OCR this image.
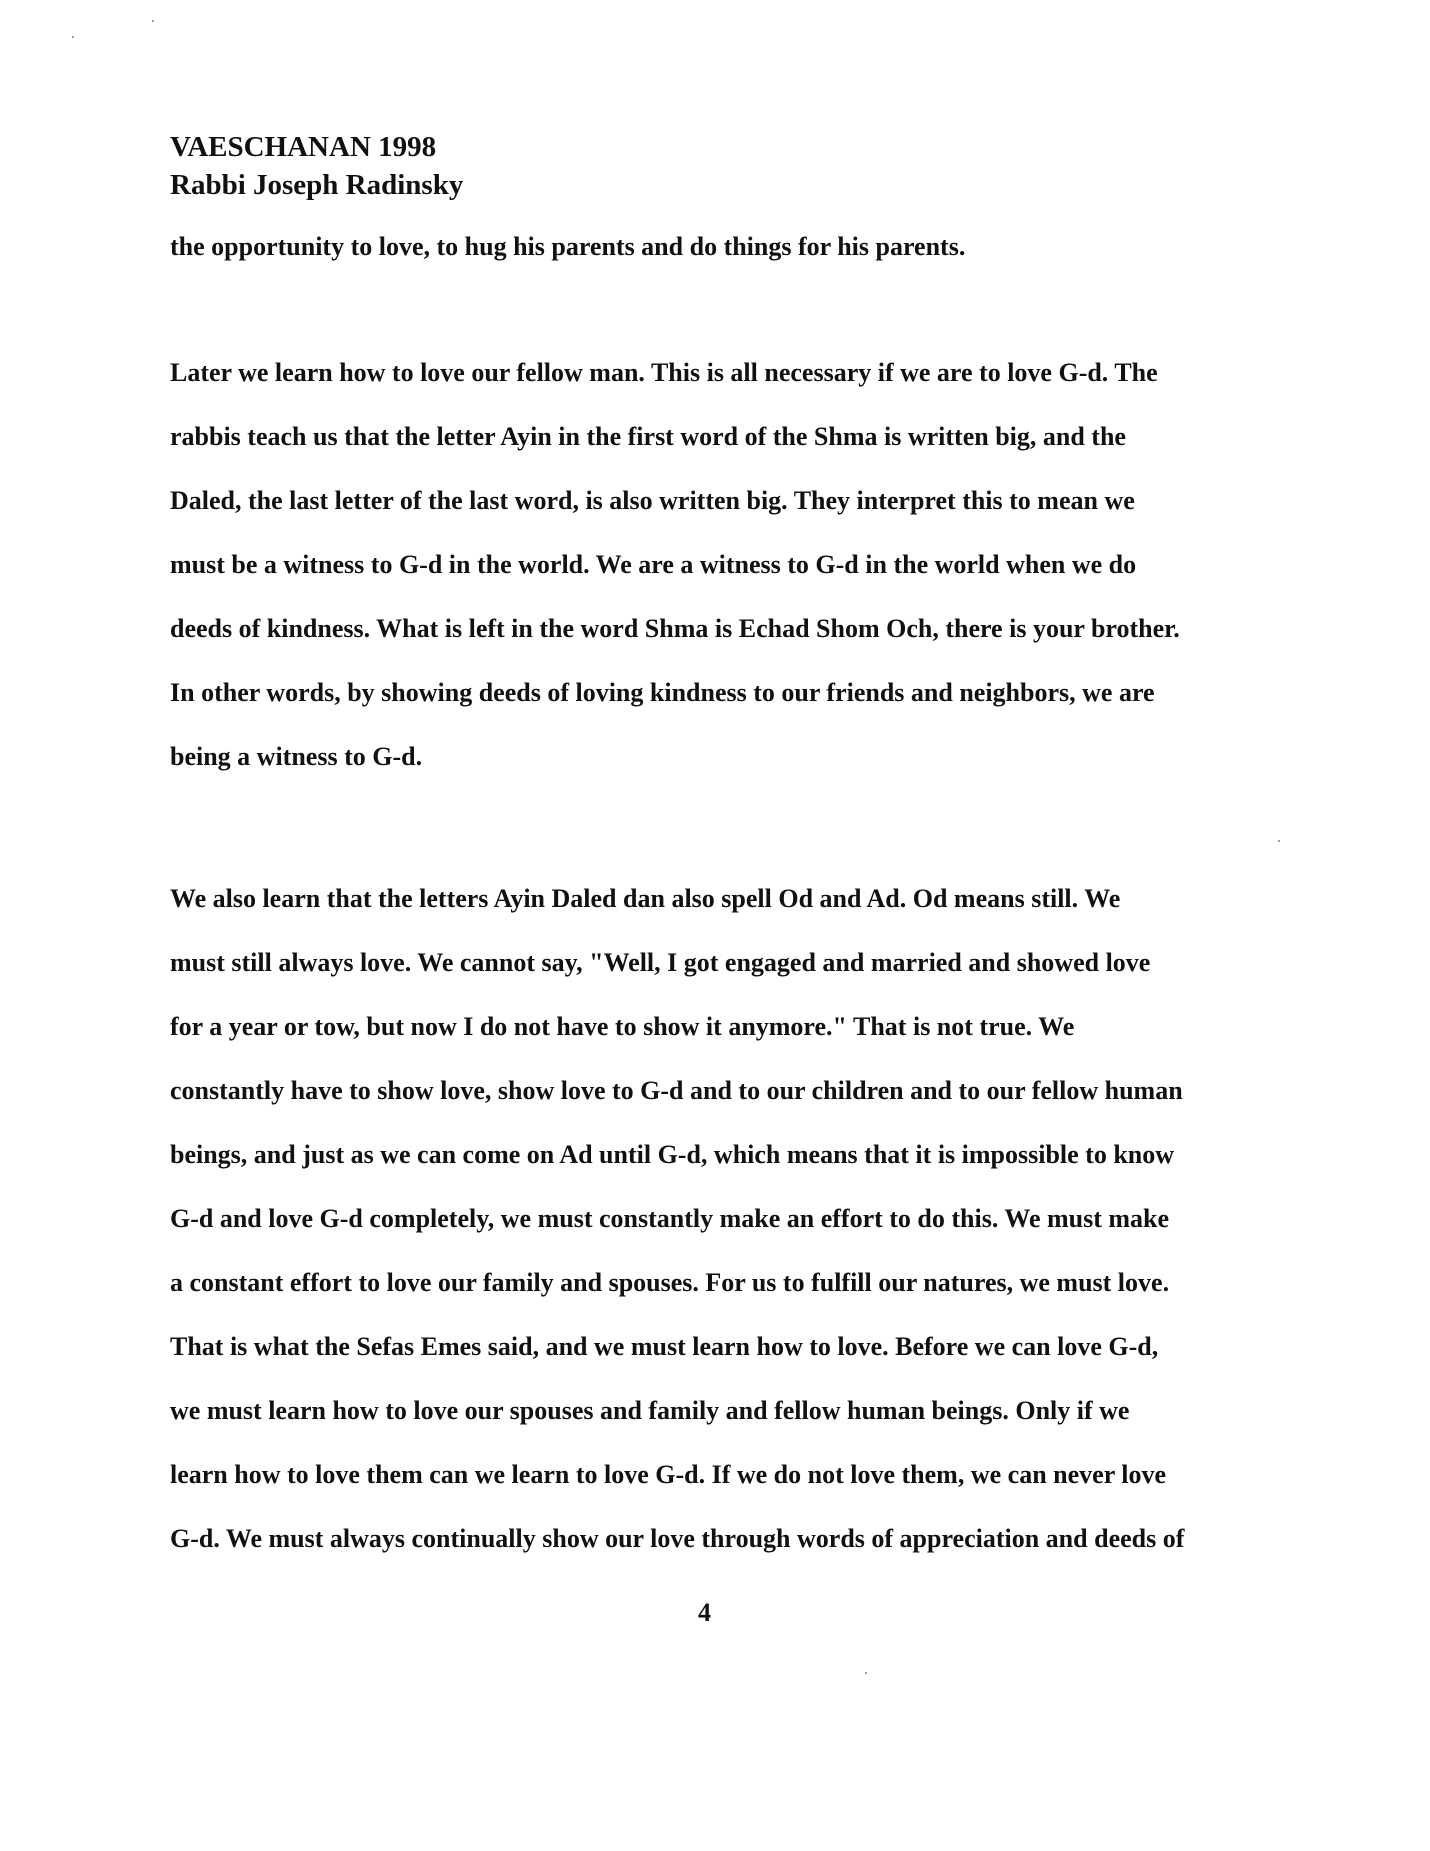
VAESCHANAN 1998
Rabbi Joseph Radinsky
the opportunity to love, to hug his parents and do things for his parents.
Later we learn how to love our fellow man. This is all necessary if we are to love G-d. The
rabbis teach us that the letter Ayin in the first word of the Shma is written big, and the
Daled, the last letter of the last word, is also written big. They interpret this to mean we
must be a witness to G-d in the world. We are a witness to G-d in the world when we do
deeds of kindness. What is left in the word Shma is Echad Shom Och, there is your brother.
In other words, by showing deeds of loving kindness to our friends and neighbors, we are
being a witness to G-d.
We also learn that the letters Ayin Daled dan also spell Od and Ad. Od means still. We
must still always love. We cannot say, "Well, I got engaged and married and showed love
for a year or tow, but now I do not have to show it anymore." That is not true. We
constantly have to show love, show love to G-d and to our children and to our fellow human
beings, and just as we can come on Ad until G-d, which means that it is impossible to know
G-d and love G-d completely, we must constantly make an effort to do this. We must make
a constant effort to love our family and spouses. For us to fulfill our natures, we must love.
That is what the Sefas Emes said, and we must learn how to love. Before we can love G-d,
we must learn how to love our spouses and family and fellow human beings. Only if we
learn how to love them can we learn to love G-d. If we do not love them, we can never love
G-d. We must always continually show our love through words of appreciation and deeds of
4
